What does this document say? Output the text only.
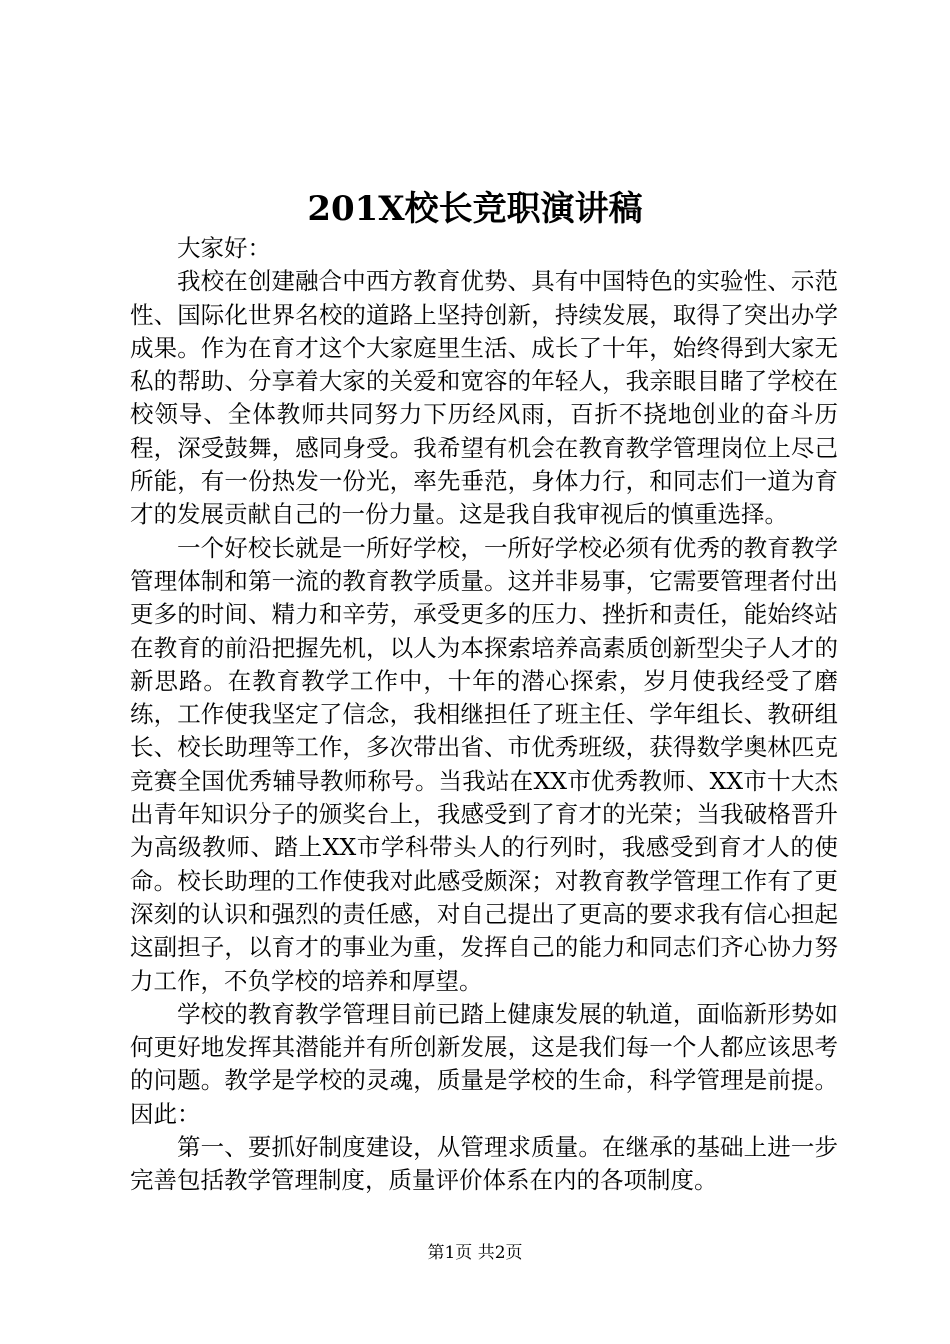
201X校长竞职演讲稿

大家好：

我校在创建融合中西方教育优势、具有中国特色的实验性、示范性、国际化世界名校的道路上坚持创新，持续发展，取得了突出办学成果。作为在育才这个大家庭里生活、成长了十年，始终得到大家无私的帮助、分享着大家的关爱和宽容的年轻人，我亲眼目睹了学校在校领导、全体教师共同努力下历经风雨，百折不挠地创业的奋斗历程，深受鼓舞，感同身受。我希望有机会在教育教学管理岗位上尽己所能，有一份热发一份光，率先垂范，身体力行，和同志们一道为育才的发展贡献自己的一份力量。这是我自我审视后的慎重选择。

一个好校长就是一所好学校，一所好学校必须有优秀的教育教学管理体制和第一流的教育教学质量。这并非易事，它需要管理者付出更多的时间、精力和辛劳，承受更多的压力、挫折和责任，能始终站在教育的前沿把握先机，以人为本探索培养高素质创新型尖子人才的新思路。在教育教学工作中，十年的潜心探索，岁月使我经受了磨练，工作使我坚定了信念，我相继担任了班主任、学年组长、教研组长、校长助理等工作，多次带出省、市优秀班级，获得数学奥林匹克竞赛全国优秀辅导教师称号。当我站在XX市优秀教师、XX市十大杰出青年知识分子的颁奖台上，我感受到了育才的光荣；当我破格晋升为高级教师、踏上XX市学科带头人的行列时，我感受到育才人的使命。校长助理的工作使我对此感受颇深；对教育教学管理工作有了更深刻的认识和强烈的责任感，对自己提出了更高的要求我有信心担起这副担子，以育才的事业为重，发挥自己的能力和同志们齐心协力努力工作，不负学校的培养和厚望。

学校的教育教学管理目前已踏上健康发展的轨道，面临新形势如何更好地发挥其潜能并有所创新发展，这是我们每一个人都应该思考的问题。教学是学校的灵魂，质量是学校的生命，科学管理是前提。因此：

第一、要抓好制度建设，从管理求质量。在继承的基础上进一步完善包括教学管理制度，质量评价体系在内的各项制度。

第1页 共2页
